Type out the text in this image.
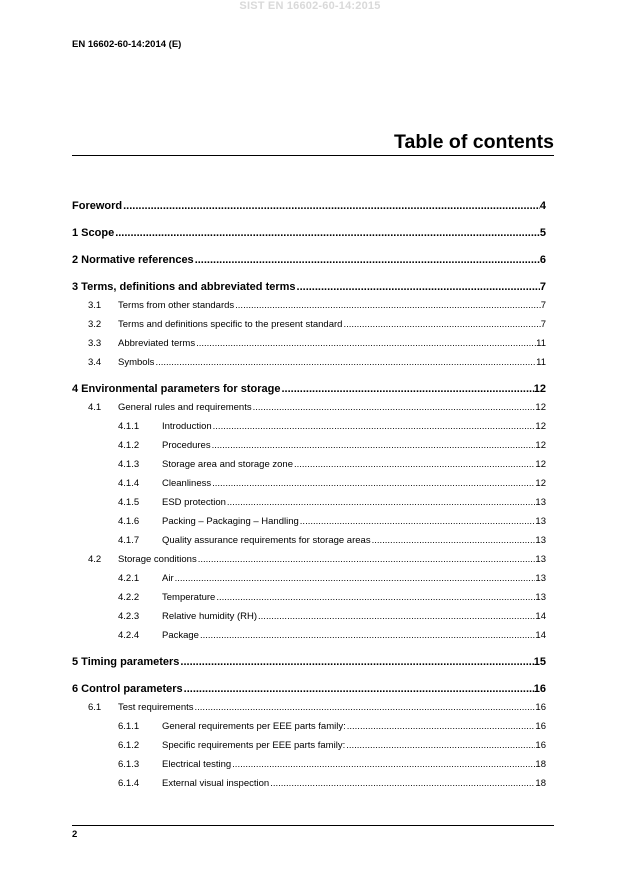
SIST EN 16602-60-14:2015
EN 16602-60-14:2014 (E)
Table of contents
Foreword .....	4
1 Scope .....	5
2 Normative references .....	6
3 Terms, definitions and abbreviated terms .....	7
3.1	Terms from other standards .....	7
3.2	Terms and definitions specific to the present standard .....	7
3.3	Abbreviated terms .....	11
3.4	Symbols .....	11
4 Environmental parameters for storage .....	12
4.1	General rules and requirements .....	12
4.1.1	Introduction .....	12
4.1.2	Procedures .....	12
4.1.3	Storage area and storage zone .....	12
4.1.4	Cleanliness .....	12
4.1.5	ESD protection .....	13
4.1.6	Packing – Packaging – Handling .....	13
4.1.7	Quality assurance requirements for storage areas .....	13
4.2	Storage conditions .....	13
4.2.1	Air .....	13
4.2.2	Temperature .....	13
4.2.3	Relative humidity (RH) .....	14
4.2.4	Package .....	14
5 Timing parameters .....	15
6 Control parameters .....	16
6.1	Test requirements .....	16
6.1.1	General requirements per EEE parts family: .....	16
6.1.2	Specific requirements per EEE parts family: .....	16
6.1.3	Electrical testing .....	18
6.1.4	External visual inspection .....	18
2
